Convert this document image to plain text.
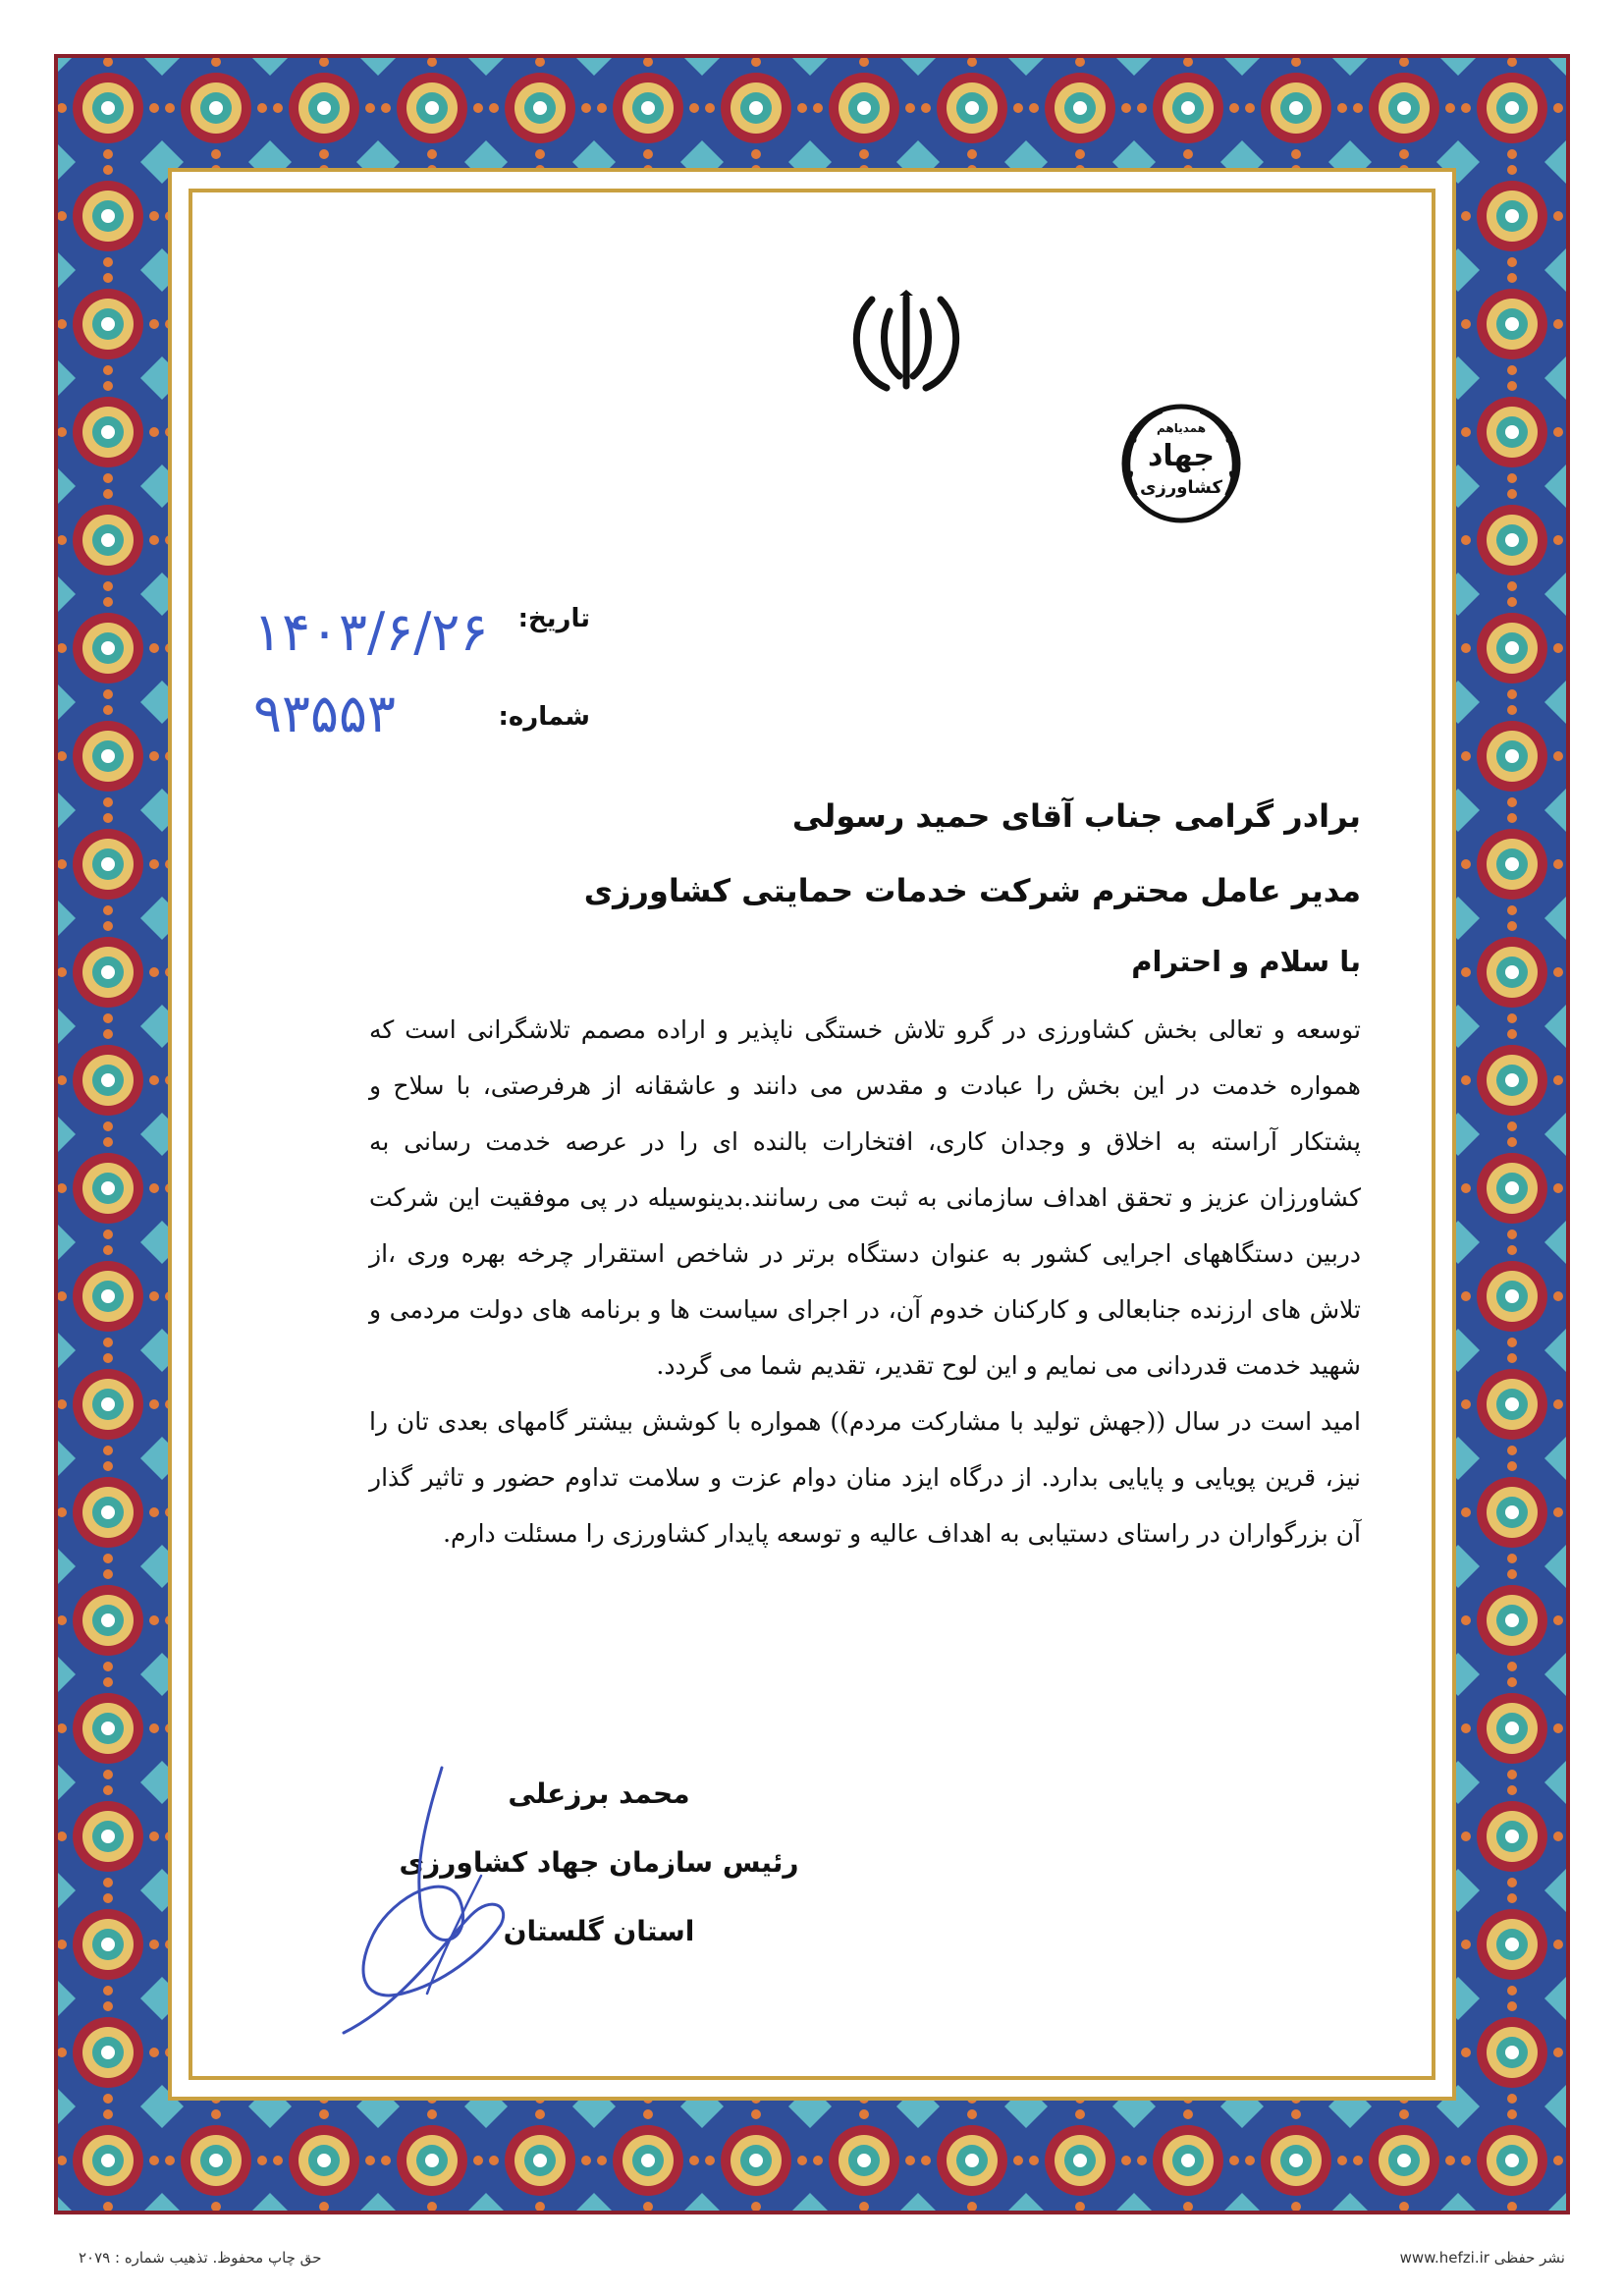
همدیاهم
جهاد
کشاورزی
تاریخ:
۱۴۰۳/۶/۲۶
شماره:
۹۳۵۵۳
برادر گرامی جناب آقای حمید رسولی
مدیر عامل محترم شرکت خدمات حمایتی کشاورزی
با سلام و احترام

توسعه و تعالی بخش کشاورزی در گرو تلاش خستگی ناپذیر و اراده مصمم تلاشگرانی است که همواره خدمت در این بخش را عبادت و مقدس می دانند و عاشقانه از هرفرصتی، با سلاح و پشتکار آراسته به اخلاق و وجدان کاری، افتخارات بالنده ای را در عرصه خدمت رسانی به کشاورزان عزیز و تحقق اهداف سازمانی به ثبت می رسانند.بدینوسیله در پی موفقیت این شرکت دربین دستگاههای اجرایی کشور به عنوان دستگاه برتر در شاخص استقرار چرخه بهره وری ،از تلاش های ارزنده جنابعالی و کارکنان خدوم آن، در اجرای سیاست ها و برنامه های دولت مردمی و شهید خدمت قدردانی می نمایم و این لوح تقدیر، تقدیم شما می گردد.

امید است در سال ((جهش تولید با مشارکت مردم)) همواره با کوشش بیشتر گامهای بعدی تان را نیز، قرین پویایی و پایایی بدارد. از درگاه ایزد منان دوام عزت و سلامت تداوم حضور و تاثیر گذار آن بزرگواران در راستای دستیابی به اهداف عالیه و توسعه پایدار کشاورزی را مسئلت دارم.

محمد برزعلی
رئیس سازمان جهاد کشاورزی
استان گلستان
حق چاپ محفوظ. تذهیب شماره : ۲۰۷۹	www.hefzi.ir نشر حفظی
